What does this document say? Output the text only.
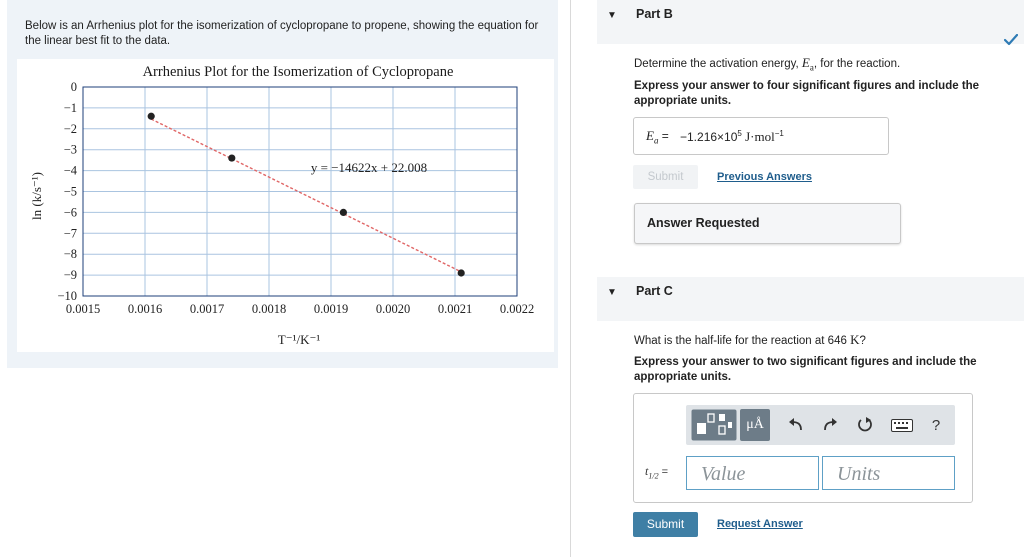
Below is an Arrhenius plot for the isomerization of cyclopropane to propene, showing the equation for the linear best fit to the data.
Arrhenius Plot for the Isomerization of Cyclopropane
0.0015 0.0016 0.0017 0.0018 0.0019 0.0020 0.0021 0.0022
0
−1
−2
−3
−4
−5
−6
−7
−8
−9
−10
y = −14622x + 22.008
T⁻¹/K⁻¹
ln (k/s⁻¹)
▼ Part B
Determine the activation energy, $E_a$, for the reaction.
Express your answer to four significant figures and include the appropriate units.
$E_a = -1.216\times 10^5$ J·mol$^{-1}$
Submit	Previous Answers
Answer Requested
▼ Part C
What is the half-life for the reaction at 646 K?
Express your answer to two significant figures and include the appropriate units.
μÅ	?
$t_{1/2}$ =	Value	Units
Submit	Request Answer
